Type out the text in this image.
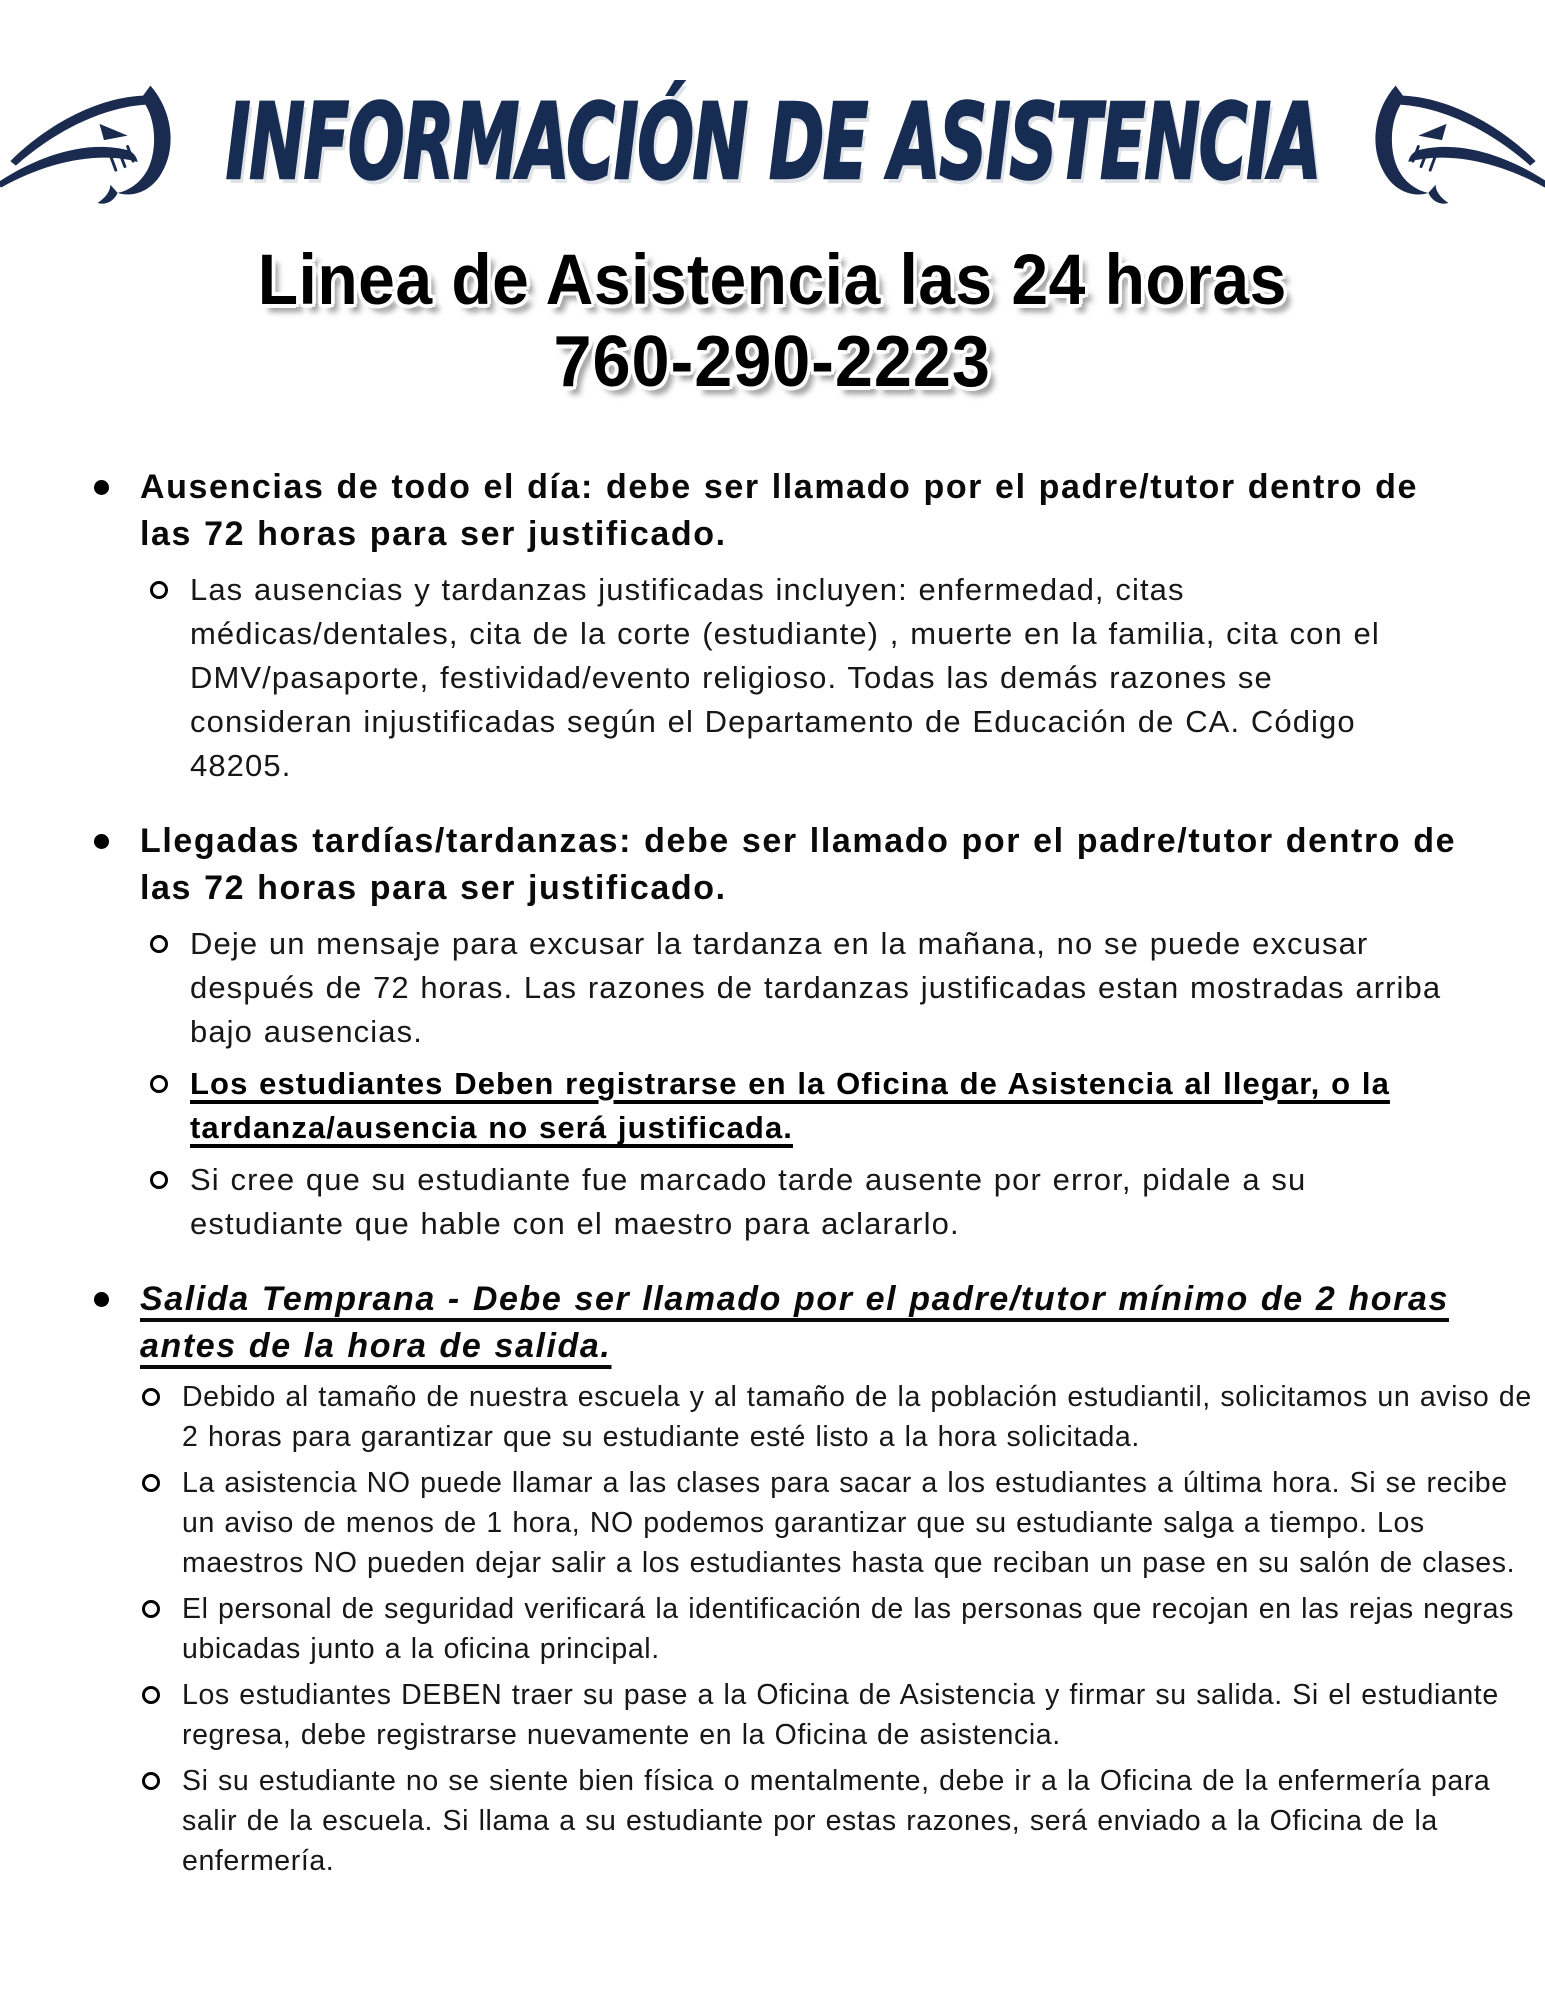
INFORMACIÓN DE ASISTENCIA
Linea de Asistencia las 24 horas
760-290-2223

Ausencias de todo el día: debe ser llamado por el padre/tutor dentro de las 72 horas para ser justificado.

Las ausencias y tardanzas justificadas incluyen: enfermedad, citas médicas/dentales, cita de la corte (estudiante) , muerte en la familia, cita con el DMV/pasaporte, festividad/evento religioso. Todas las demás razones se consideran injustificadas según el Departamento de Educación de CA. Código 48205.

Llegadas tardías/tardanzas: debe ser llamado por el padre/tutor dentro de las 72 horas para ser justificado.

Deje un mensaje para excusar la tardanza en la mañana, no se puede excusar después de 72 horas. Las razones de tardanzas justificadas estan mostradas arriba bajo ausencias.

Los estudiantes Deben registrarse en la Oficina de Asistencia al llegar, o la tardanza/ausencia no será justificada.

Si cree que su estudiante fue marcado tarde ausente por error, pidale a su estudiante que hable con el maestro para aclararlo.

Salida Temprana - Debe ser llamado por el padre/tutor mínimo de 2 horas antes de la hora de salida.

Debido al tamaño de nuestra escuela y al tamaño de la población estudiantil, solicitamos un aviso de 2 horas para garantizar que su estudiante esté listo a la hora solicitada.

La asistencia NO puede llamar a las clases para sacar a los estudiantes a última hora. Si se recibe un aviso de menos de 1 hora, NO podemos garantizar que su estudiante salga a tiempo. Los maestros NO pueden dejar salir a los estudiantes hasta que reciban un pase en su salón de clases.

El personal de seguridad verificará la identificación de las personas que recojan en las rejas negras ubicadas junto a la oficina principal.

Los estudiantes DEBEN traer su pase a la Oficina de Asistencia y firmar su salida. Si el estudiante regresa, debe registrarse nuevamente en la Oficina de asistencia.

Si su estudiante no se siente bien física o mentalmente, debe ir a la Oficina de la enfermería para salir de la escuela. Si llama a su estudiante por estas razones, será enviado a la Oficina de la enfermería.
